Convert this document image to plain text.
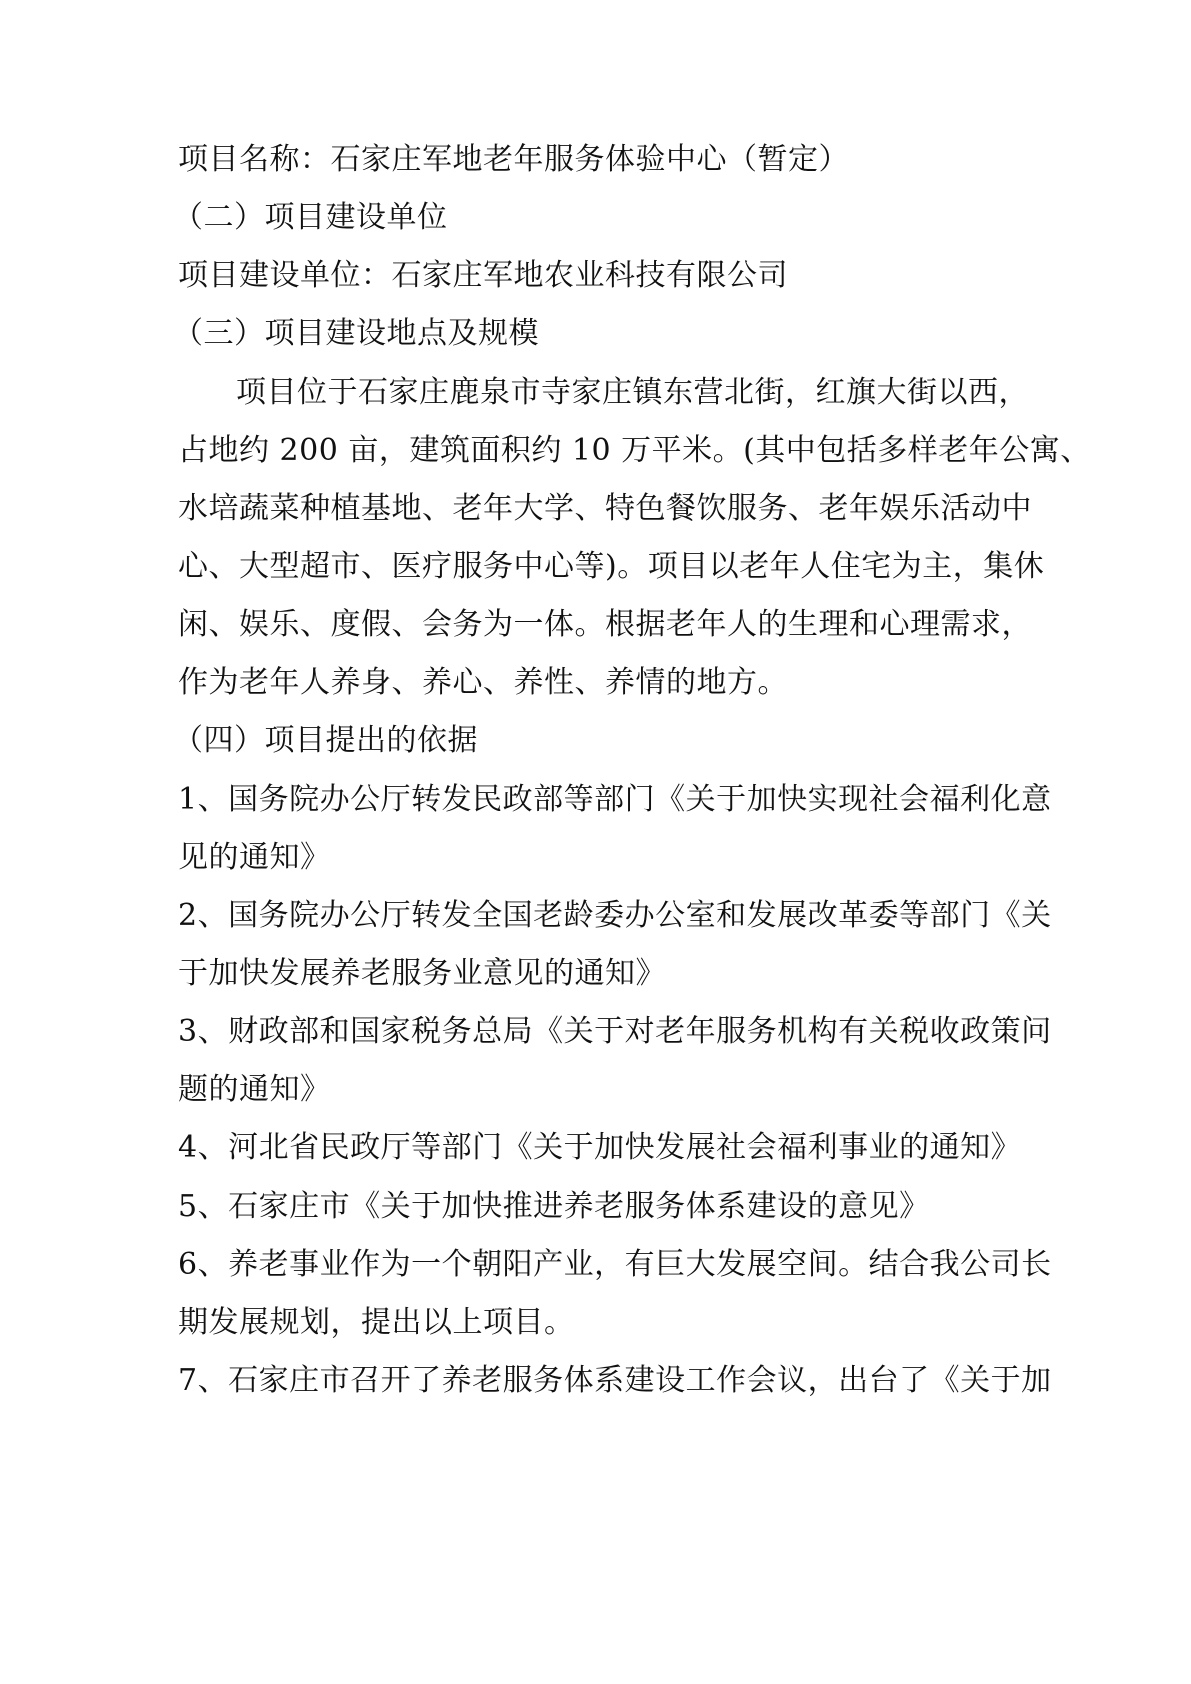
项目名称：石家庄军地老年服务体验中心（暂定）
（二）项目建设单位
项目建设单位：石家庄军地农业科技有限公司
（三）项目建设地点及规模
项目位于石家庄鹿泉市寺家庄镇东营北街，红旗大街以西，
占地约 200 亩，建筑面积约 10 万平米。(其中包括多样老年公寓、
水培蔬菜种植基地、老年大学、特色餐饮服务、老年娱乐活动中
心、大型超市、医疗服务中心等)。项目以老年人住宅为主，集休
闲、娱乐、度假、会务为一体。根据老年人的生理和心理需求，
作为老年人养身、养心、养性、养情的地方。
（四）项目提出的依据
1、国务院办公厅转发民政部等部门《关于加快实现社会福利化意
见的通知》
2、国务院办公厅转发全国老龄委办公室和发展改革委等部门《关
于加快发展养老服务业意见的通知》
3、财政部和国家税务总局《关于对老年服务机构有关税收政策问
题的通知》
4、河北省民政厅等部门《关于加快发展社会福利事业的通知》
5、石家庄市《关于加快推进养老服务体系建设的意见》
6、养老事业作为一个朝阳产业，有巨大发展空间。结合我公司长
期发展规划，提出以上项目。
7、石家庄市召开了养老服务体系建设工作会议，出台了《关于加
